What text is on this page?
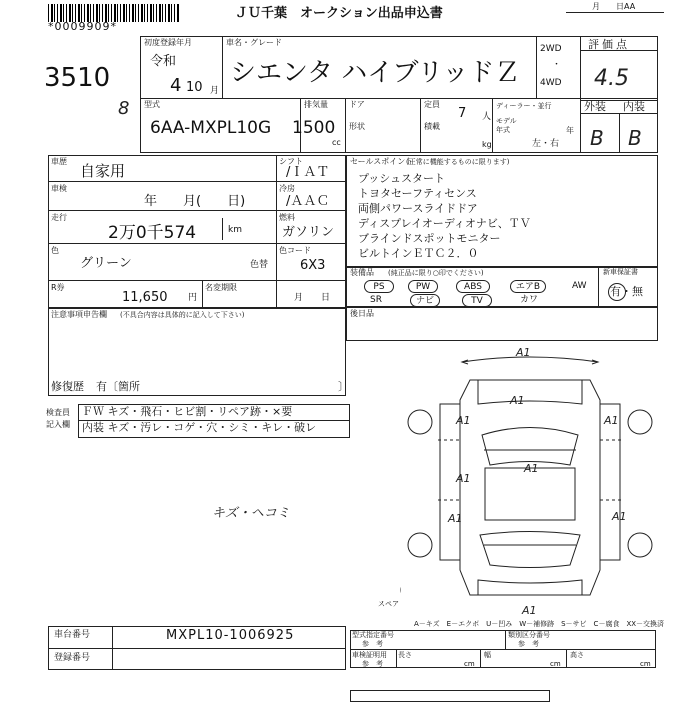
*0009909*
ＪＵ千葉　オークション出品申込書	月　　日AA
3510
8
初度登録年月
令和
4 10 月
車名・グレード
シエンタ ハイブリッドＺ
2WD
・
4WD
評価点
4.5
型式
6AA-MXPL10G
排気量
1500
cc
ドア
形状
定員
7 人
積載
kg
ディーラー・並行
モデル
年式	年
左・右
外装 内装
B B
車歴
自家用
車検
年　　月(　　日)
走行
2万0千574	km
色
グリーン	色替
シフト
/ＩＡＴ
冷房
/ＡＡＣ
燃料
ガソリン
色コード
6X3
R券
11,650 円
名変期限
月　　日
セールスポイント
(正常に機能するものに限ります)
プッシュスタート
トヨタセーフティセンス
両側パワースライドドア
ディスプレイオーディオナビ、ＴＶ
ブラインドスポットモニター
ビルトインＥＴＣ２．０
装備品 (純正品に限り○印でください)
PS	PW	ABS	エアB	AW
SR	ナビ	TV	カワ
新車保証書
有・無
後日品
注意事項申告欄 (不具合内容は具体的に記入して下さい)
修復歴 有〔箇所	〕
検査員
記入欄
ＦＷ キズ・飛石・ヒビ割・リペア跡・×要
内装 キズ・汚レ・コゲ・穴・シミ・キレ・破レ
キズ・ヘコミ
A1
A1
A1	A1
A1
A1
A1	A1
A1
スペア
A－キズ　E－エクボ　U－凹み　W－補修跡　S－サビ　C－腐食　XX－交換済
車台番号	MXPL10-1006925
登録番号
型式指定番号
参　考
類別区分番号
参　考
車検証明用
参　考
長さ
cm
幅
cm
高さ
cm
